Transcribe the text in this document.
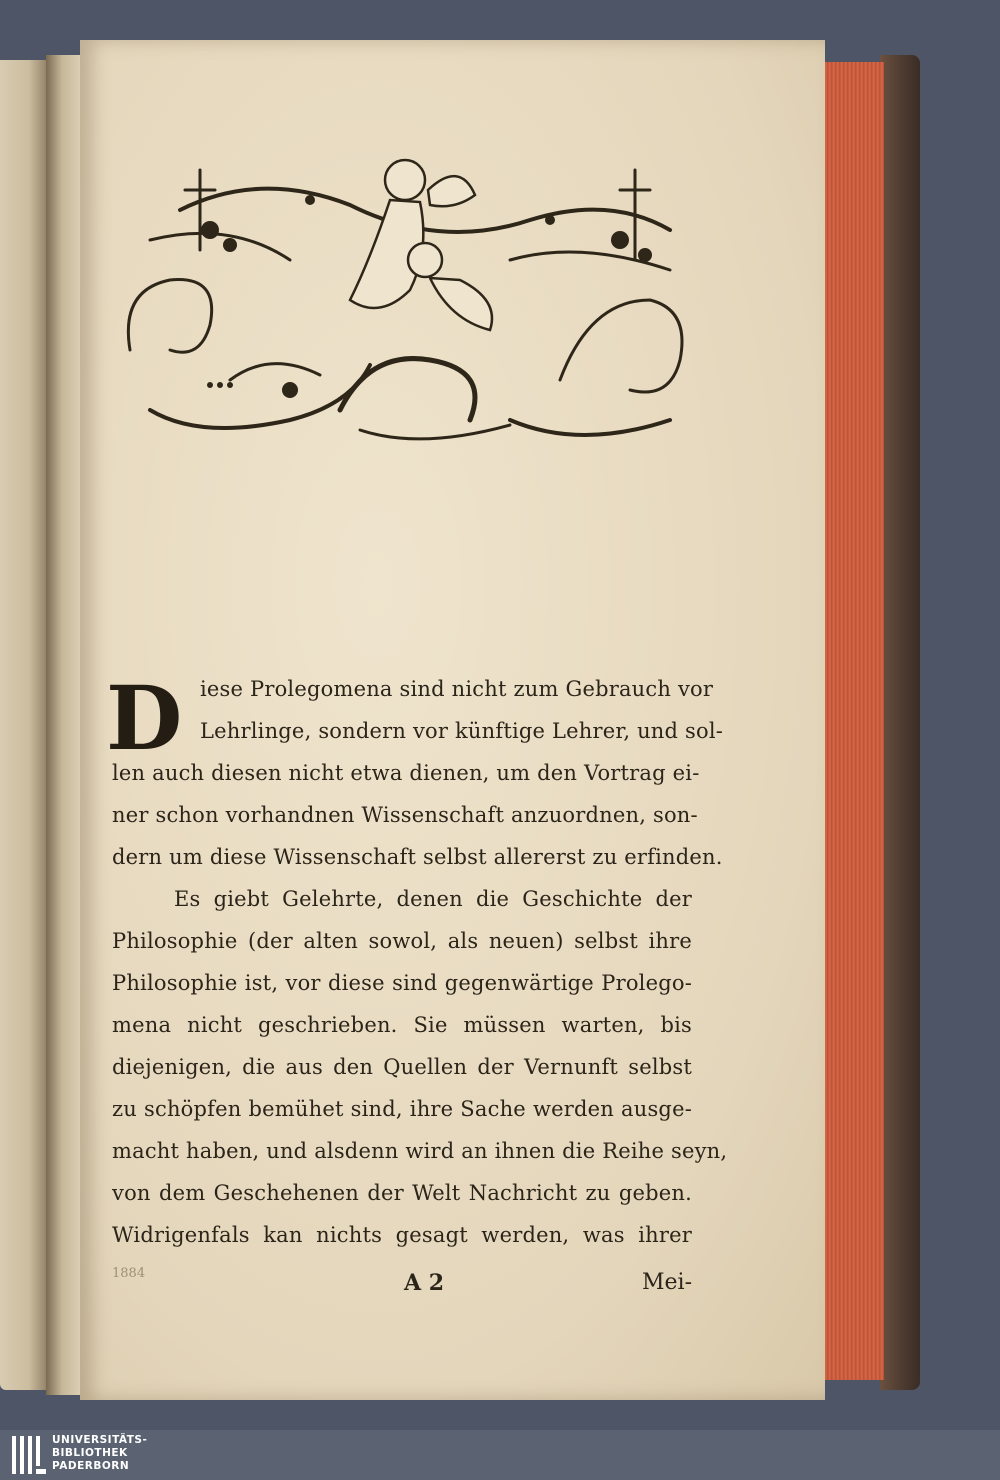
D iese Prolegomena sind nicht zum Gebrauch vor
Lehrlinge, sondern vor künftige Lehrer, und sol-
len auch diesen nicht etwa dienen, um den Vortrag ei-
ner schon vorhandnen Wissenschaft anzuordnen, son-
dern um diese Wissenschaft selbst allererst zu erfinden.
Es giebt Gelehrte, denen die Geschichte der
Philosophie (der alten sowol, als neuen) selbst ihre
Philosophie ist, vor diese sind gegenwärtige Prolego-
mena nicht geschrieben. Sie müssen warten, bis
diejenigen, die aus den Quellen der Vernunft selbst
zu schöpfen bemühet sind, ihre Sache werden ausge-
macht haben, und alsdenn wird an ihnen die Reihe seyn,
von dem Geschehenen der Welt Nachricht zu geben.
Widrigenfals kan nichts gesagt werden, was ihrer
1884	A 2	Mei-
UNIVERSITÄTS-
BIBLIOTHEK
PADERBORN
